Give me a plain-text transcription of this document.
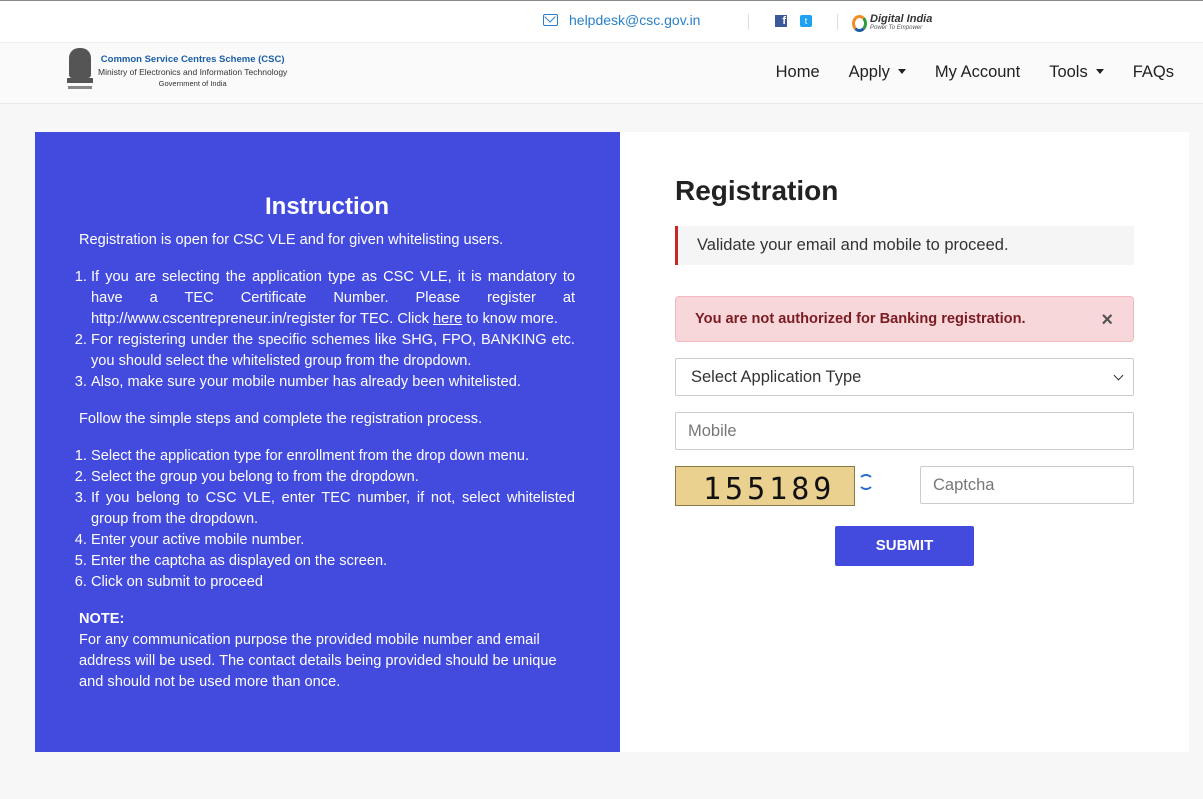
helpdesk@csc.gov.in	f	t	Digital India
Power To Empower
Common Service Centres Scheme (CSC)
Ministry of Electronics and Information Technology
Government of India
Home Apply	My Account Tools	FAQs
Instruction

Registration is open for CSC VLE and for given whitelisting users.

1. If you are selecting the application type as CSC VLE, it is mandatory to have a TEC Certificate Number. Please register at http://www.cscentrepreneur.in/register for TEC. Click here to know more.
2. For registering under the specific schemes like SHG, FPO, BANKING etc. you should select the whitelisted group from the dropdown.
3. Also, make sure your mobile number has already been whitelisted.

Follow the simple steps and complete the registration process.

1. Select the application type for enrollment from the drop down menu.
2. Select the group you belong to from the dropdown.
3. If you belong to CSC VLE, enter TEC number, if not, select whitelisted group from the dropdown.
4. Enter your active mobile number.
5. Enter the captcha as displayed on the screen.
6. Click on submit to proceed
NOTE:
For any communication purpose the provided mobile number and email address will be used. The contact details being provided should be unique and should not be used more than once.
Registration
Validate your email and mobile to proceed.
You are not authorized for Banking registration.	×
Select Application Type
Mobile
155189	Captcha
SUBMIT
